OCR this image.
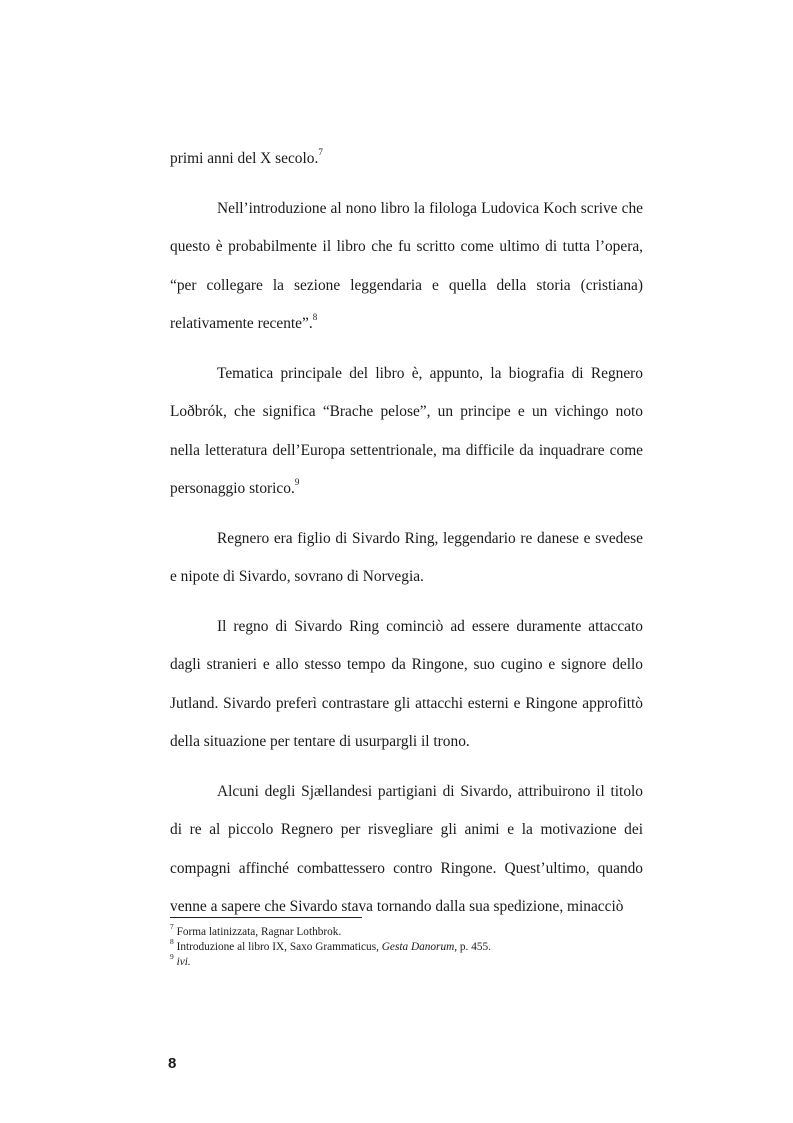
primi anni del X secolo.$^7$

Nell’introduzione al nono libro la filologa Ludovica Koch scrive che questo è probabilmente il libro che fu scritto come ultimo di tutta l’opera, “per collegare la sezione leggendaria e quella della storia (cristiana) relativamente recente”.$^8$

Tematica principale del libro è, appunto, la biografia di Regnero Loðbrók, che significa “Brache pelose”, un principe e un vichingo noto nella letteratura dell’Europa settentrionale, ma difficile da inquadrare come personaggio storico.$^9$

Regnero era figlio di Sivardo Ring, leggendario re danese e svedese e nipote di Sivardo, sovrano di Norvegia.

Il regno di Sivardo Ring cominciò ad essere duramente attaccato dagli stranieri e allo stesso tempo da Ringone, suo cugino e signore dello Jutland. Sivardo preferì contrastare gli attacchi esterni e Ringone approfittò della situazione per tentare di usurpargli il trono.

Alcuni degli Sjællandesi partigiani di Sivardo, attribuirono il titolo di re al piccolo Regnero per risvegliare gli animi e la motivazione dei compagni affinché combattessero contro Ringone. Quest’ultimo, quando venne a sapere che Sivardo stava tornando dalla sua spedizione, minacciò

$^7$ Forma latinizzata, Ragnar Lothbrok.
$^8$ Introduzione al libro IX, Saxo Grammaticus, Gesta Danorum, p. 455.
$^9$ ivi.
8
